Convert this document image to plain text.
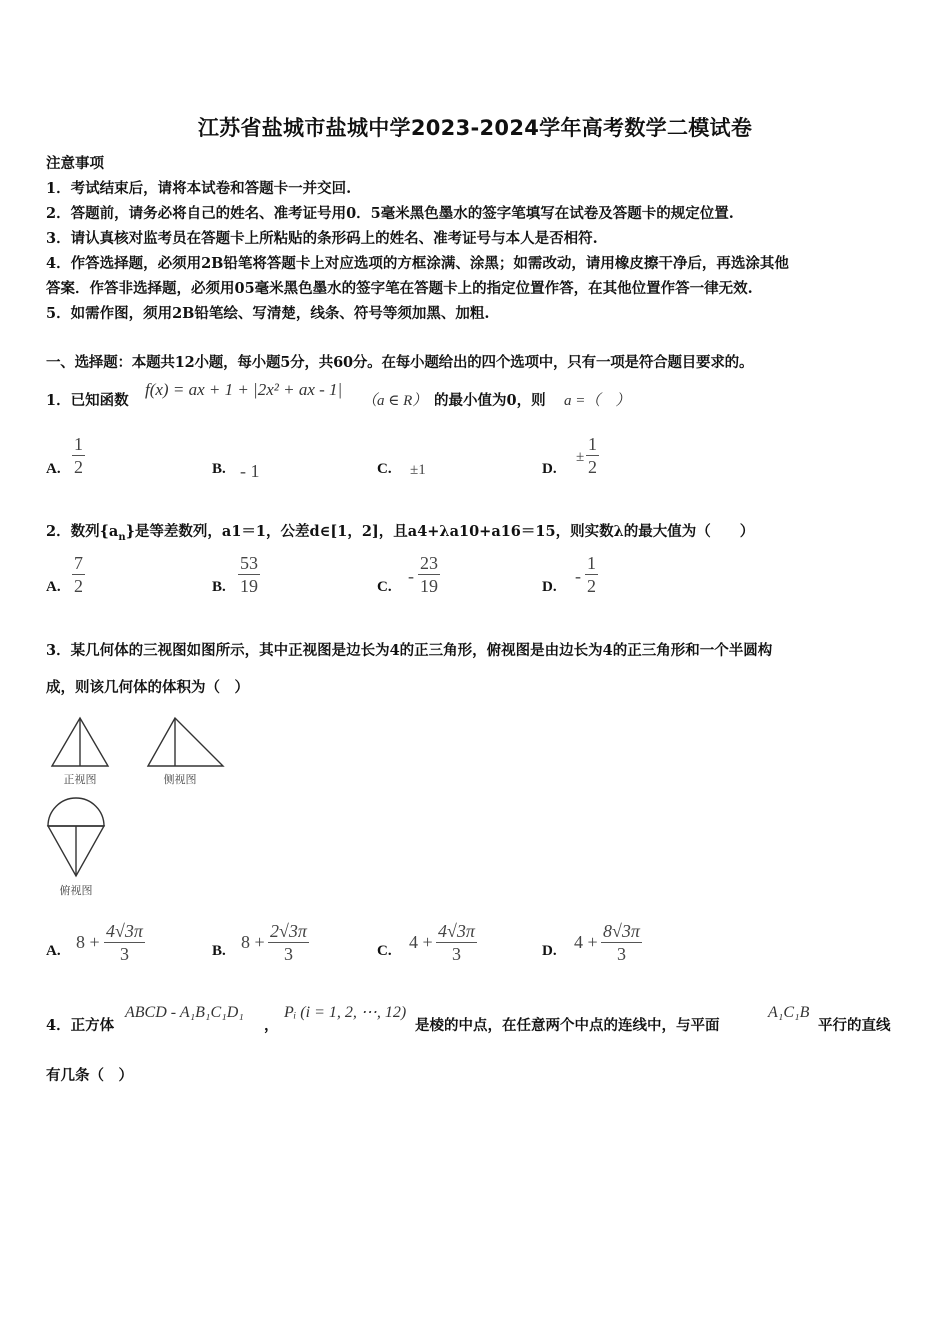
江苏省盐城市盐城中学2023-2024学年高考数学二模试卷
注意事项
1．考试结束后，请将本试卷和答题卡一并交回.
2．答题前，请务必将自己的姓名、准考证号用0．5毫米黑色墨水的签字笔填写在试卷及答题卡的规定位置.
3．请认真核对监考员在答题卡上所粘贴的条形码上的姓名、准考证号与本人是否相符.
4．作答选择题，必须用2B铅笔将答题卡上对应选项的方框涂满、涂黑；如需改动，请用橡皮擦干净后，再选涂其他
答案．作答非选择题，必须用05毫米黑色墨水的签字笔在答题卡上的指定位置作答，在其他位置作答一律无效.
5．如需作图，须用2B铅笔绘、写清楚，线条、符号等须加黑、加粗.
一、选择题：本题共12小题，每小题5分，共60分。在每小题给出的四个选项中，只有一项是符合题目要求的。
1．已知函数
f(x) = ax + 1 + |2x² + ax - 1|
（a ∈ R） 的最小值为0，则 a =（　）
A. $\frac{1}{2}$	B. - 1	C. ±1	D.
± $\frac{1}{2}$
2．数列$\{a_n\}$是等差数列，a1＝1，公差d∈[1，2]，且a4+λa10+a16＝15，则实数λ的最大值为（　　）
A. $\frac{7}{2}$	B. $\frac{53}{19}$	C.
- $\frac{23}{19}$	D.
- $\frac{1}{2}$
3．某几何体的三视图如图所示，其中正视图是边长为4的正三角形，俯视图是由边长为4的正三角形和一个半圆构
成，则该几何体的体积为（　）
正视图	侧视图
俯视图
A. $8 + \frac{4√3\pi}{3}$	B. $8 + \frac{2√3\pi}{3}$	C. $4 + \frac{4√3\pi}{3}$	D. $4 + \frac{8√3\pi}{3}$
4．正方体
ABCD - A₁B₁C₁D₁
，
Pᵢ (i = 1, 2, ⋯, 12)
是棱的中点，在任意两个中点的连线中，与平面
A₁C₁B
平行的直线
有几条（　）
